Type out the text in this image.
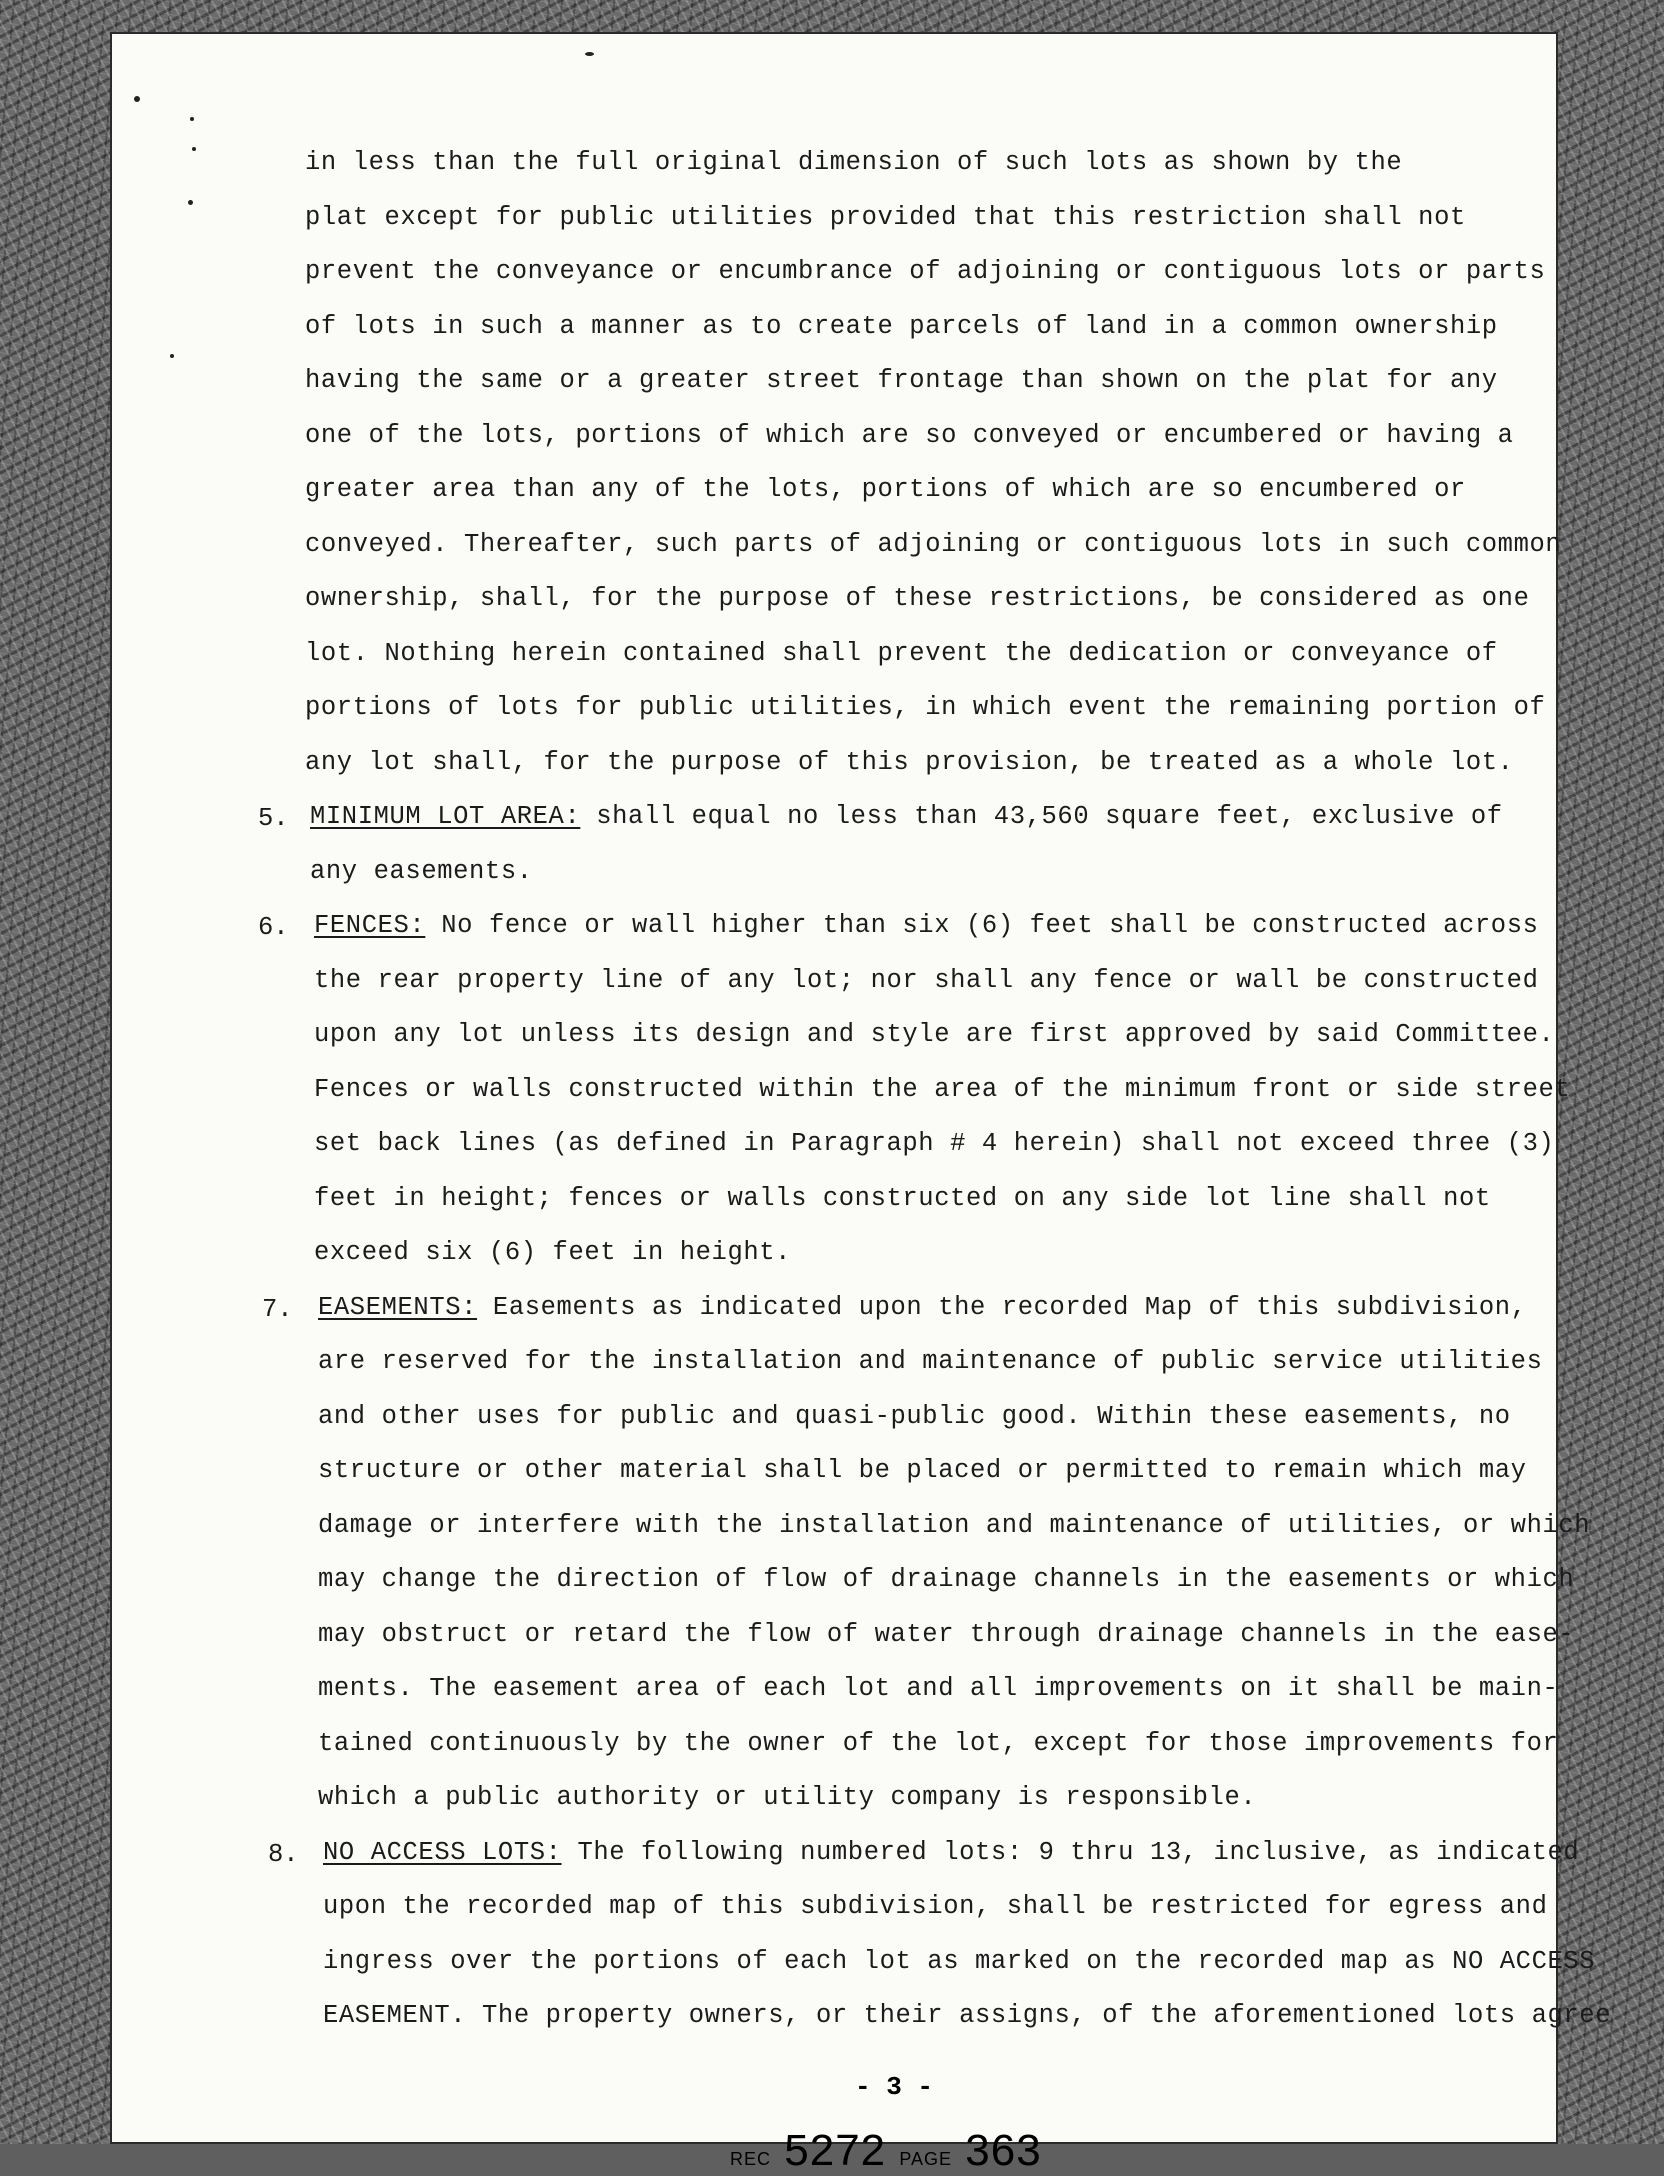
in less than the full original dimension of such lots as shown by the
plat except for public utilities provided that this restriction shall not
prevent the conveyance or encumbrance of adjoining or contiguous lots or parts
of lots in such a manner as to create parcels of land in a common ownership
having the same or a greater street frontage than shown on the plat for any
one of the lots, portions of which are so conveyed or encumbered or having a
greater area than any of the lots, portions of which are so encumbered or
conveyed. Thereafter, such parts of adjoining or contiguous lots in such common
ownership, shall, for the purpose of these restrictions, be considered as one
lot. Nothing herein contained shall prevent the dedication or conveyance of
portions of lots for public utilities, in which event the remaining portion of
any lot shall, for the purpose of this provision, be treated as a whole lot.
5. MINIMUM LOT AREA: shall equal no less than 43,560 square feet, exclusive of
any easements.
6. FENCES: No fence or wall higher than six (6) feet shall be constructed across
the rear property line of any lot; nor shall any fence or wall be constructed
upon any lot unless its design and style are first approved by said Committee.
Fences or walls constructed within the area of the minimum front or side street
set back lines (as defined in Paragraph # 4 herein) shall not exceed three (3)
feet in height; fences or walls constructed on any side lot line shall not
exceed six (6) feet in height.
7. EASEMENTS: Easements as indicated upon the recorded Map of this subdivision,
are reserved for the installation and maintenance of public service utilities
and other uses for public and quasi-public good. Within these easements, no
structure or other material shall be placed or permitted to remain which may
damage or interfere with the installation and maintenance of utilities, or which
may change the direction of flow of drainage channels in the easements or which
may obstruct or retard the flow of water through drainage channels in the ease-
ments. The easement area of each lot and all improvements on it shall be main-
tained continuously by the owner of the lot, except for those improvements for
which a public authority or utility company is responsible.
8. NO ACCESS LOTS: The following numbered lots: 9 thru 13, inclusive, as indicated
upon the recorded map of this subdivision, shall be restricted for egress and
ingress over the portions of each lot as marked on the recorded map as NO ACCESS
EASEMENT. The property owners, or their assigns, of the aforementioned lots agree
- 3 -
REC 5272 PAGE 363
